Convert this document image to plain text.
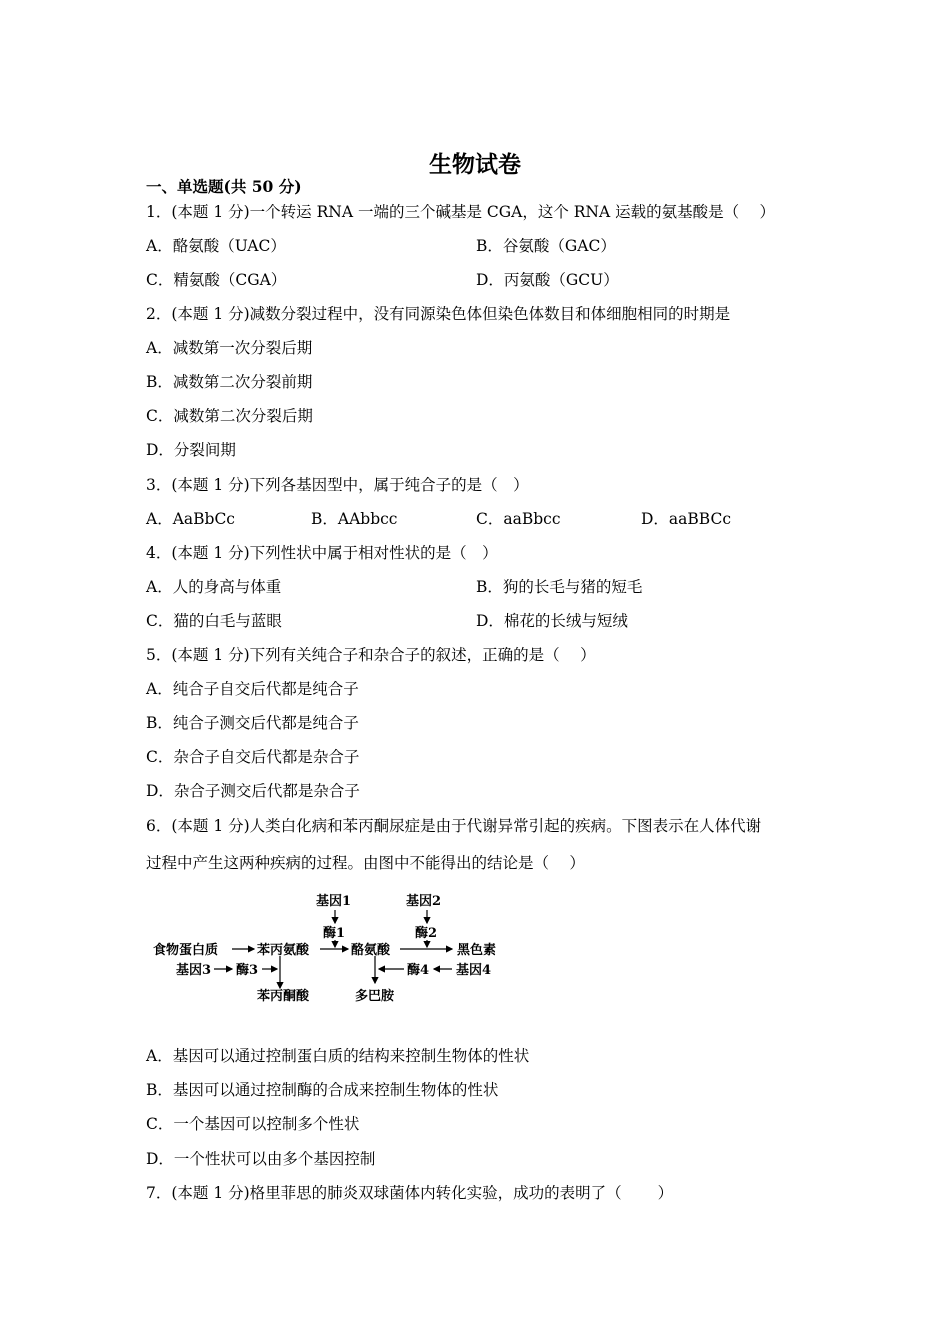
生物试卷
一、单选题(共 50 分)
1．(本题 1 分)一个转运 RNA 一端的三个碱基是 CGA，这个 RNA 运载的氨基酸是（　 ）
A．酪氨酸（UAC）	B．谷氨酸（GAC）
C．精氨酸（CGA）	D．丙氨酸（GCU）
2．(本题 1 分)减数分裂过程中，没有同源染色体但染色体数目和体细胞相同的时期是
A．减数第一次分裂后期
B．减数第二次分裂前期
C．减数第二次分裂后期
D．分裂间期
3．(本题 1 分)下列各基因型中，属于纯合子的是（　）
A．AaBbCc	B．AAbbcc	C．aaBbcc	D．aaBBCc
4．(本题 1 分)下列性状中属于相对性状的是（　）
A．人的身高与体重	B．狗的长毛与猪的短毛
C．猫的白毛与蓝眼	D．棉花的长绒与短绒
5．(本题 1 分)下列有关纯合子和杂合子的叙述，正确的是（　 ）
A．纯合子自交后代都是纯合子
B．纯合子测交后代都是纯合子
C．杂合子自交后代都是杂合子
D．杂合子测交后代都是杂合子
6．(本题 1 分)人类白化病和苯丙酮尿症是由于代谢异常引起的疾病。下图表示在人体代谢
过程中产生这两种疾病的过程。由图中不能得出的结论是（　 ）
基因1	基因2
酶1	酶2
食物蛋白质	苯丙氨酸	酪氨酸	黑色素
基因3 酶3	酶4 基因4
苯丙酮酸	多巴胺
A．基因可以通过控制蛋白质的结构来控制生物体的性状
B．基因可以通过控制酶的合成来控制生物体的性状
C．一个基因可以控制多个性状
D．一个性状可以由多个基因控制
7．(本题 1 分)格里菲思的肺炎双球菌体内转化实验，成功的表明了（　　 ）
